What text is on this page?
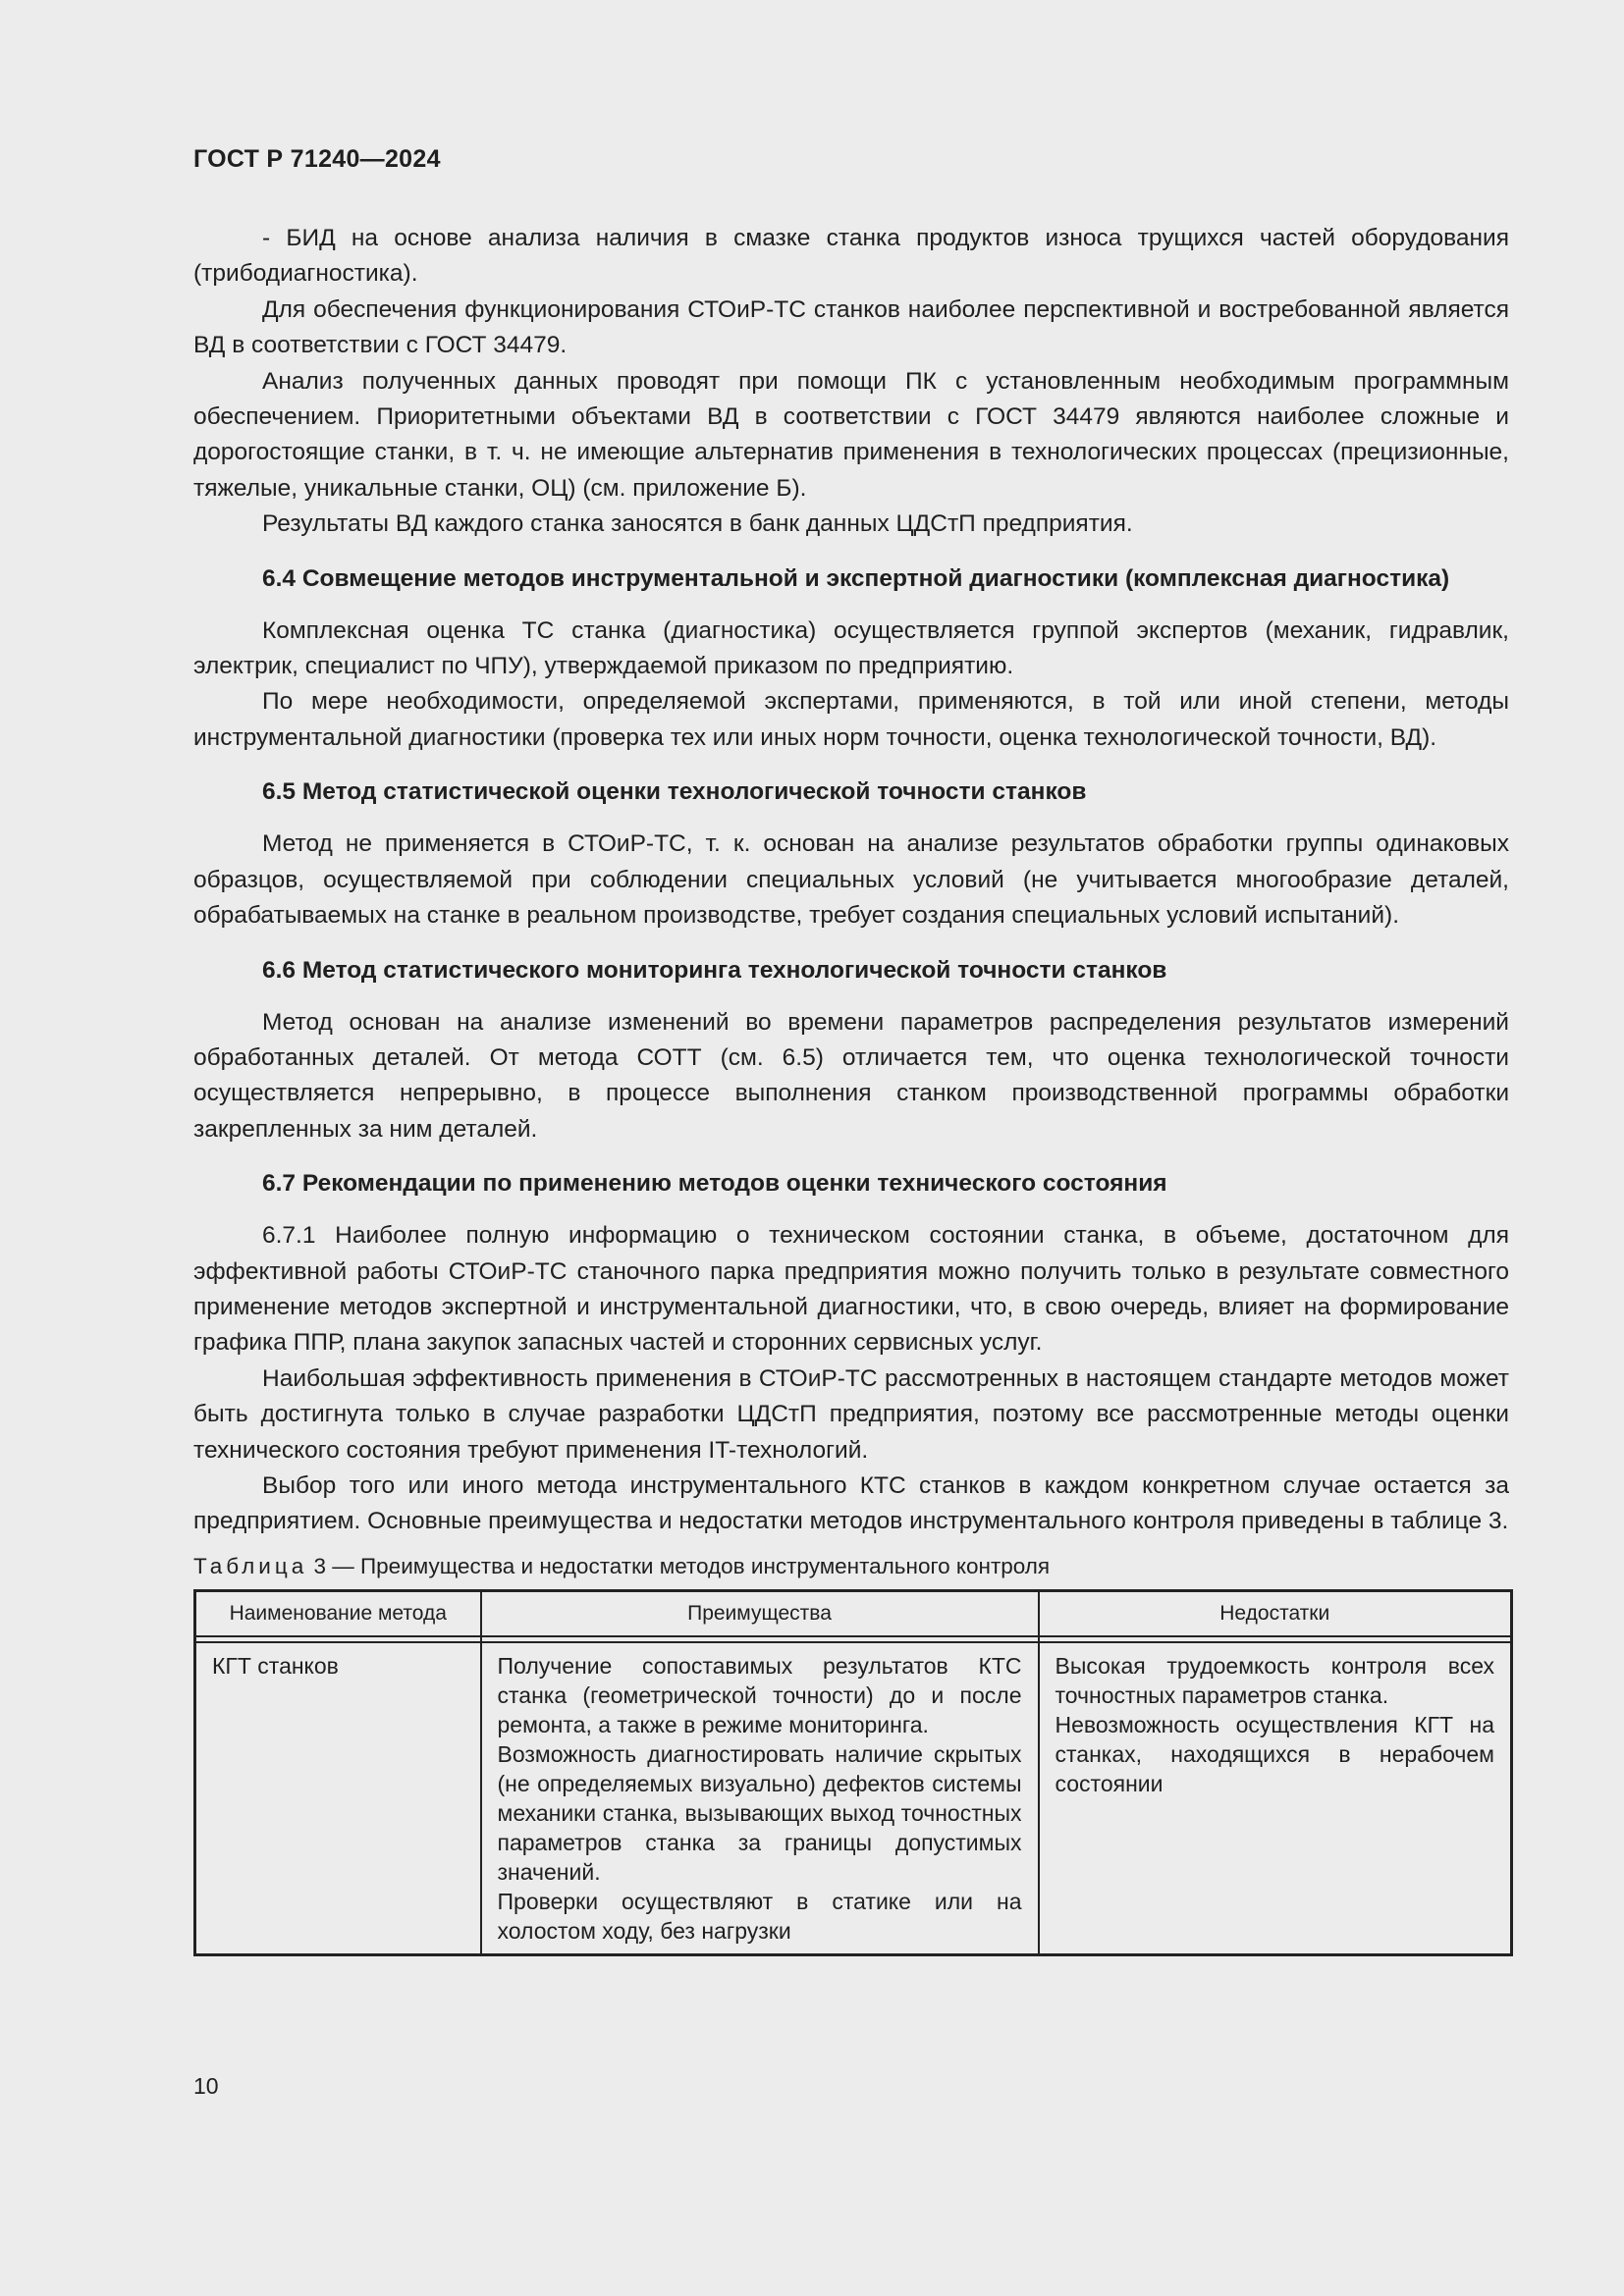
ГОСТ Р 71240—2024

- БИД на основе анализа наличия в смазке станка продуктов износа трущихся частей оборудования (трибодиагностика).

Для обеспечения функционирования СТОиР-ТС станков наиболее перспективной и востребованной является ВД в соответствии с ГОСТ 34479.

Анализ полученных данных проводят при помощи ПК с установленным необходимым программным обеспечением. Приоритетными объектами ВД в соответствии с ГОСТ 34479 являются наиболее сложные и дорогостоящие станки, в т. ч. не имеющие альтернатив применения в технологических процессах (прецизионные, тяжелые, уникальные станки, ОЦ) (см. приложение Б).

Результаты ВД каждого станка заносятся в банк данных ЦДСтП предприятия.

6.4 Совмещение методов инструментальной и экспертной диагностики (комплексная диагностика)

Комплексная оценка ТС станка (диагностика) осуществляется группой экспертов (механик, гидравлик, электрик, специалист по ЧПУ), утверждаемой приказом по предприятию.

По мере необходимости, определяемой экспертами, применяются, в той или иной степени, методы инструментальной диагностики (проверка тех или иных норм точности, оценка технологической точности, ВД).

6.5 Метод статистической оценки технологической точности станков

Метод не применяется в СТОиР-ТС, т. к. основан на анализе результатов обработки группы одинаковых образцов, осуществляемой при соблюдении специальных условий (не учитывается многообразие деталей, обрабатываемых на станке в реальном производстве, требует создания специальных условий испытаний).

6.6 Метод статистического мониторинга технологической точности станков

Метод основан на анализе изменений во времени параметров распределения результатов измерений обработанных деталей. От метода СОТТ (см. 6.5) отличается тем, что оценка технологической точности осуществляется непрерывно, в процессе выполнения станком производственной программы обработки закрепленных за ним деталей.

6.7 Рекомендации по применению методов оценки технического состояния

6.7.1 Наиболее полную информацию о техническом состоянии станка, в объеме, достаточном для эффективной работы СТОиР-ТС станочного парка предприятия можно получить только в результате совместного применение методов экспертной и инструментальной диагностики, что, в свою очередь, влияет на формирование графика ППР, плана закупок запасных частей и сторонних сервисных услуг.

Наибольшая эффективность применения в СТОиР-ТС рассмотренных в настоящем стандарте методов может быть достигнута только в случае разработки ЦДСтП предприятия, поэтому все рассмотренные методы оценки технического состояния требуют применения IT-технологий.

Выбор того или иного метода инструментального КТС станков в каждом конкретном случае остается за предприятием. Основные преимущества и недостатки методов инструментального контроля приведены в таблице 3.

Таблица 3 — Преимущества и недостатки методов инструментального контроля
Наименование метода	Преимущества	Недостатки

КГТ станков	Получение сопоставимых результатов КТС станка (геометрической точности) до и после ремонта, а также в режиме мониторинга.
Возможность диагностировать наличие скрытых (не определяемых визуально) дефектов системы механики станка, вызывающих выход точностных параметров станка за границы допустимых значений.
Проверки осуществляют в статике или на холостом ходу, без нагрузки	Высокая трудоемкость контроля всех точностных параметров станка.
Невозможность осуществления КГТ на станках, находящихся в нерабочем состоянии
10
